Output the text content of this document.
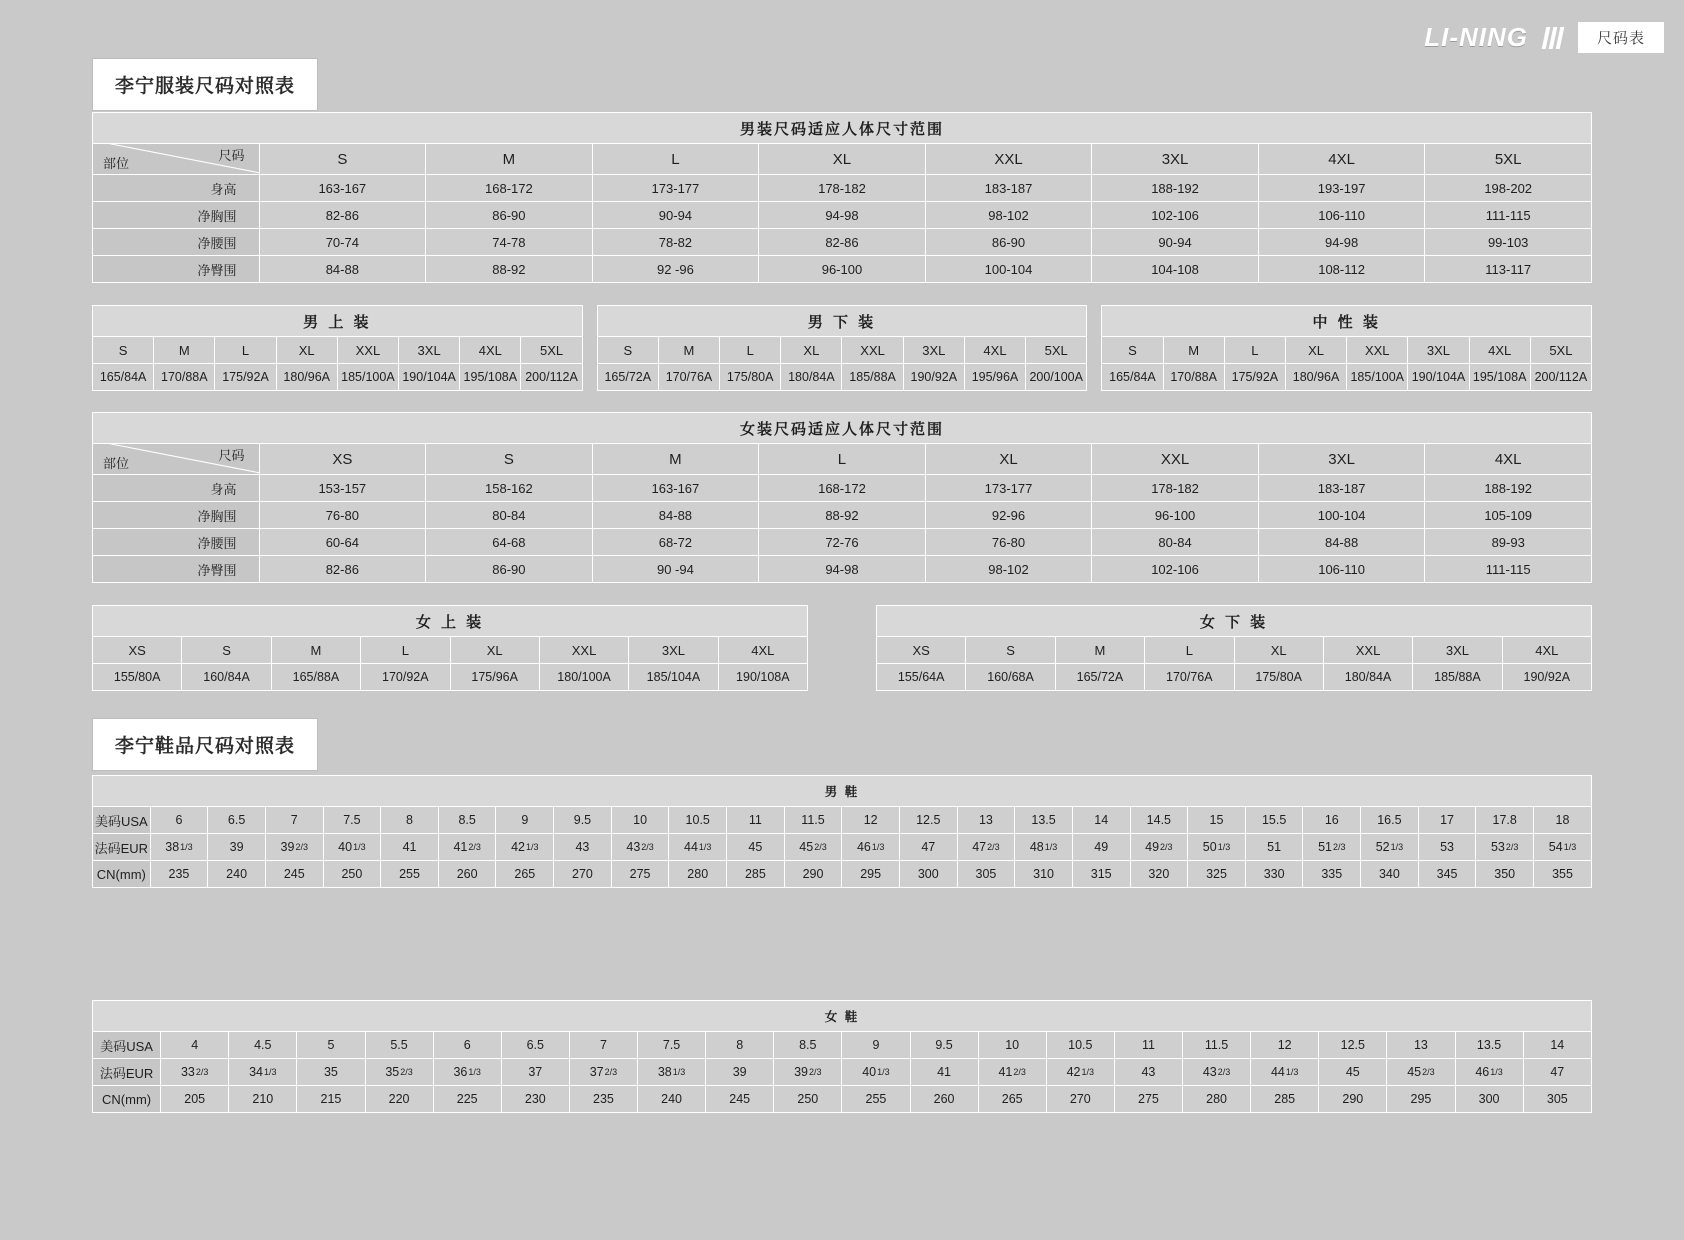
LI-NING	尺码表
李宁服装尺码对照表
男装尺码适应人体尺寸范围								

尺码
部位	S	M	L	XL	XXL	3XL	4XL	5XL
身高	163-167	168-172	173-177	178-182	183-187	188-192	193-197	198-202
净胸围	82-86	86-90	90-94	94-98	98-102	102-106	106-110	111-115
净腰围	70-74	74-78	78-82	82-86	86-90	90-94	94-98	99-103
净臀围	84-88	88-92	92 -96	96-100	100-104	104-108	108-112	113-117
男 上 装							
S	M	L	XL	XXL	3XL	4XL	5XL
165/84A	170/88A	175/92A	180/96A	185/100A	190/104A	195/108A	200/112A
男 下 装							
S	M	L	XL	XXL	3XL	4XL	5XL
165/72A	170/76A	175/80A	180/84A	185/88A	190/92A	195/96A	200/100A
中 性 装							
S	M	L	XL	XXL	3XL	4XL	5XL
165/84A	170/88A	175/92A	180/96A	185/100A	190/104A	195/108A	200/112A
女装尺码适应人体尺寸范围								

尺码
部位	XS	S	M	L	XL	XXL	3XL	4XL
身高	153-157	158-162	163-167	168-172	173-177	178-182	183-187	188-192
净胸围	76-80	80-84	84-88	88-92	92-96	96-100	100-104	105-109
净腰围	60-64	64-68	68-72	72-76	76-80	80-84	84-88	89-93
净臀围	82-86	86-90	90 -94	94-98	98-102	102-106	106-110	111-115
女 上 装							
XS	S	M	L	XL	XXL	3XL	4XL
155/80A	160/84A	165/88A	170/92A	175/96A	180/100A	185/104A	190/108A
女 下 装							
XS	S	M	L	XL	XXL	3XL	4XL
155/64A	160/68A	165/72A	170/76A	175/80A	180/84A	185/88A	190/92A
李宁鞋品尺码对照表
男 鞋																									
美码USA	6	6.5	7	7.5	8	8.5	9	9.5	10	10.5	11	11.5	12	12.5	13	13.5	14	14.5	15	15.5	16	16.5	17	17.8	18
法码EUR	$38^{1/3}$	39	$39^{2/3}$	$40^{1/3}$	41	$41^{2/3}$	$42^{1/3}$	43	$43^{2/3}$	$44^{1/3}$	45	$45^{2/3}$	$46^{1/3}$	47	$47^{2/3}$	$48^{1/3}$	49	$49^{2/3}$	$50^{1/3}$	51	$51^{2/3}$	$52^{1/3}$	53	$53^{2/3}$	$54^{1/3}$
CN(mm)	235	240	245	250	255	260	265	270	275	280	285	290	295	300	305	310	315	320	325	330	335	340	345	350	355
女 鞋																					
美码USA	4	4.5	5	5.5	6	6.5	7	7.5	8	8.5	9	9.5	10	10.5	11	11.5	12	12.5	13	13.5	14
法码EUR	$33^{2/3}$	$34^{1/3}$	35	$35^{2/3}$	$36^{1/3}$	37	$37^{2/3}$	$38^{1/3}$	39	$39^{2/3}$	$40^{1/3}$	41	$41^{2/3}$	$42^{1/3}$	43	$43^{2/3}$	$44^{1/3}$	45	$45^{2/3}$	$46^{1/3}$	47
CN(mm)	205	210	215	220	225	230	235	240	245	250	255	260	265	270	275	280	285	290	295	300	305
